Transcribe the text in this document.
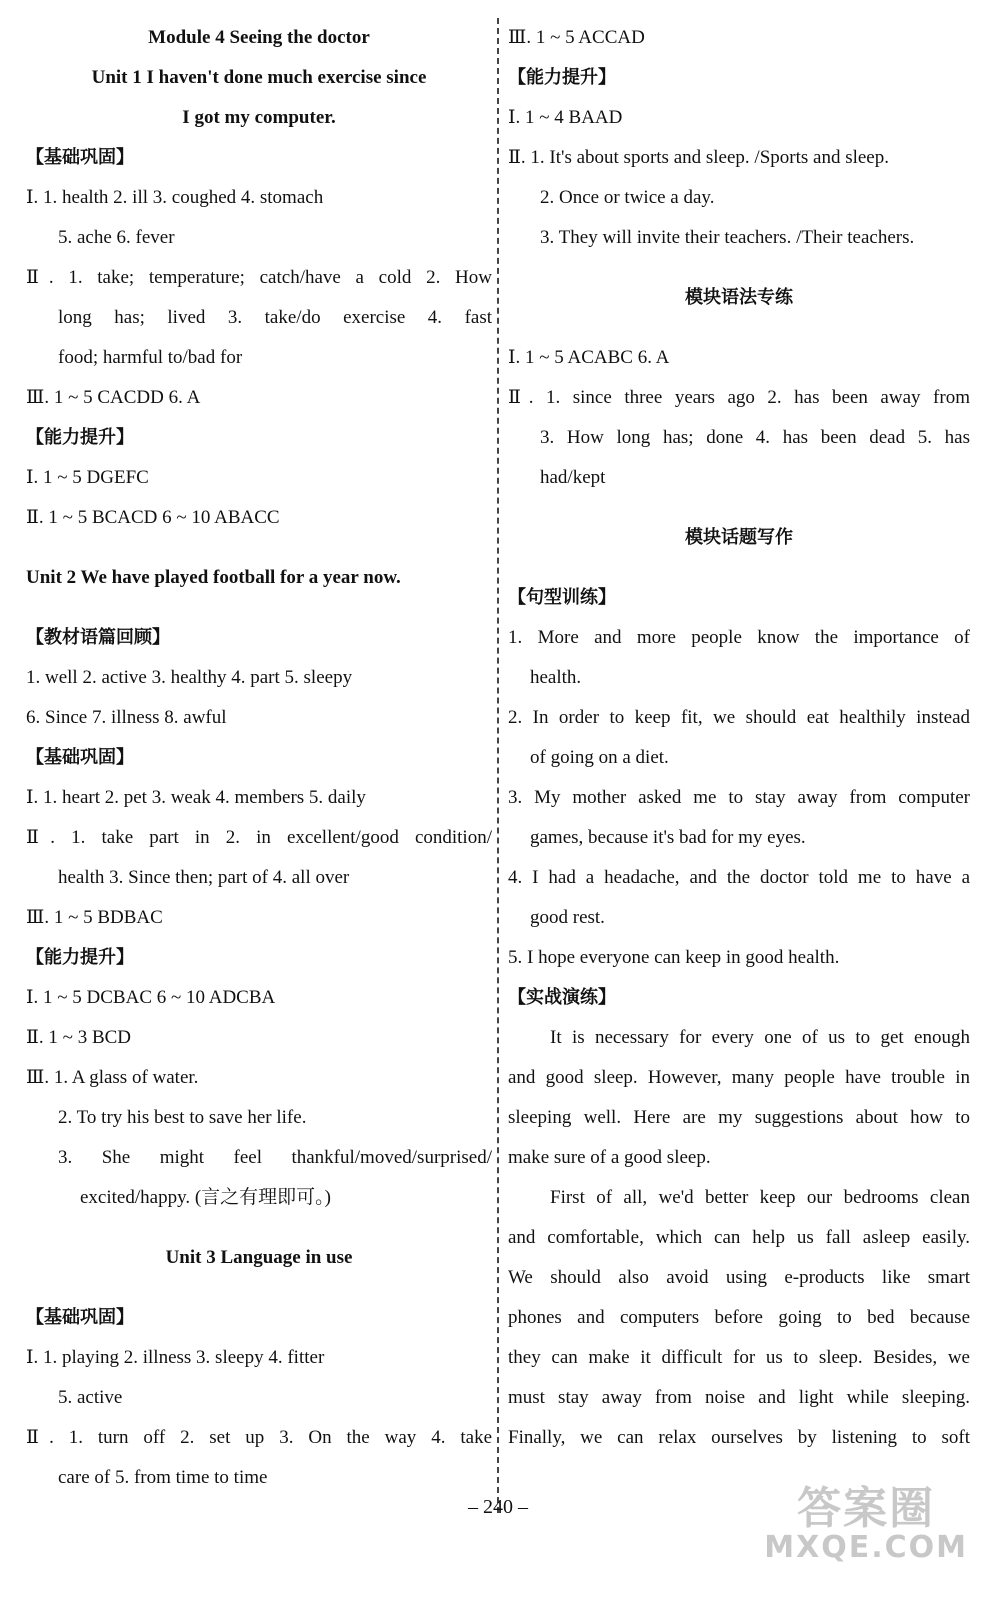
Module 4 Seeing the doctor
Unit 1 I haven't done much exercise since
I got my computer.
【基础巩固】
Ⅰ. 1. health 2. ill 3. coughed 4. stomach
5. ache 6. fever
Ⅱ. 1. take; temperature; catch/have a cold 2. How
long has; lived 3. take/do exercise 4. fast
food; harmful to/bad for
Ⅲ. 1 ~ 5 CACDD 6. A
【能力提升】
Ⅰ. 1 ~ 5 DGEFC
Ⅱ. 1 ~ 5 BCACD 6 ~ 10 ABACC
Unit 2 We have played football for a year now.
【教材语篇回顾】
1. well 2. active 3. healthy 4. part 5. sleepy
6. Since 7. illness 8. awful
【基础巩固】
Ⅰ. 1. heart 2. pet 3. weak 4. members 5. daily
Ⅱ. 1. take part in 2. in excellent/good condition/
health 3. Since then; part of 4. all over
Ⅲ. 1 ~ 5 BDBAC
【能力提升】
Ⅰ. 1 ~ 5 DCBAC 6 ~ 10 ADCBA
Ⅱ. 1 ~ 3 BCD
Ⅲ. 1. A glass of water.
2. To try his best to save her life.
3. She might feel thankful/moved/surprised/
excited/happy. (言之有理即可。)
Unit 3 Language in use
【基础巩固】
Ⅰ. 1. playing 2. illness 3. sleepy 4. fitter
5. active
Ⅱ. 1. turn off 2. set up 3. On the way 4. take
care of 5. from time to time
Ⅲ. 1 ~ 5 ACCAD
【能力提升】
Ⅰ. 1 ~ 4 BAAD
Ⅱ. 1. It's about sports and sleep. /Sports and sleep.
2. Once or twice a day.
3. They will invite their teachers. /Their teachers.
模块语法专练
Ⅰ. 1 ~ 5 ACABC 6. A
Ⅱ. 1. since three years ago 2. has been away from
3. How long has; done 4. has been dead 5. has
had/kept
模块话题写作
【句型训练】
1. More and more people know the importance of
health.
2. In order to keep fit, we should eat healthily instead
of going on a diet.
3. My mother asked me to stay away from computer
games, because it's bad for my eyes.
4. I had a headache, and the doctor told me to have a
good rest.
5. I hope everyone can keep in good health.
【实战演练】
It is necessary for every one of us to get enough
and good sleep. However, many people have trouble in
sleeping well. Here are my suggestions about how to
make sure of a good sleep.
First of all, we'd better keep our bedrooms clean
and comfortable, which can help us fall asleep easily.
We should also avoid using e-products like smart
phones and computers before going to bed because
they can make it difficult for us to sleep. Besides, we
must stay away from noise and light while sleeping.
Finally, we can relax ourselves by listening to soft
– 240 –	答案圈
MXQE.COM
